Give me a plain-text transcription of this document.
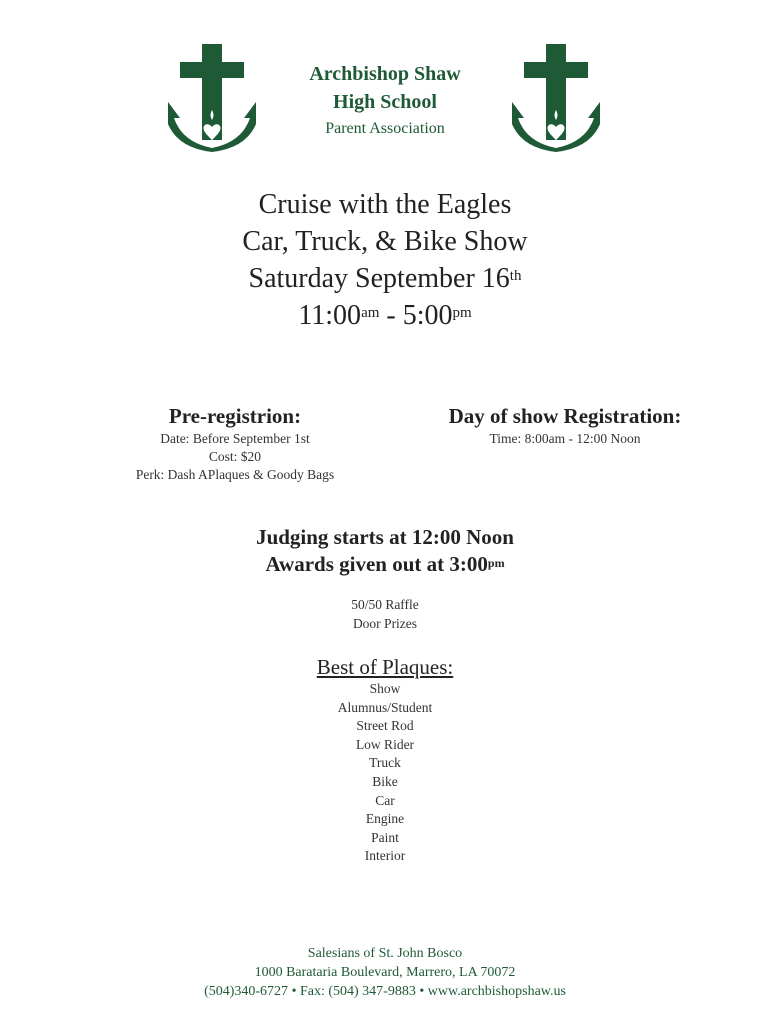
Archbishop Shaw
High School
Parent Association
Cruise with the Eagles
Car, Truck, & Bike Show
Saturday September 16th
$11:00^{am}$ - $5:00^{pm}$
Pre-registrion:
Date: Before September 1st
Cost: $20
Perk: Dash APlaques & Goody Bags
Day of show Registration:
Time: 8:00am - 12:00 Noon
Judging starts at 12:00 Noon
Awards given out at $3:00^{pm}$
50/50 Raffle
Door Prizes
Best of Plaques:
Show
Alumnus/Student
Street Rod
Low Rider
Truck
Bike
Car
Engine
Paint
Interior
Salesians of St. John Bosco
1000 Barataria Boulevard, Marrero, LA 70072
(504)340-6727 • Fax: (504) 347-9883 • www.archbishopshaw.us
